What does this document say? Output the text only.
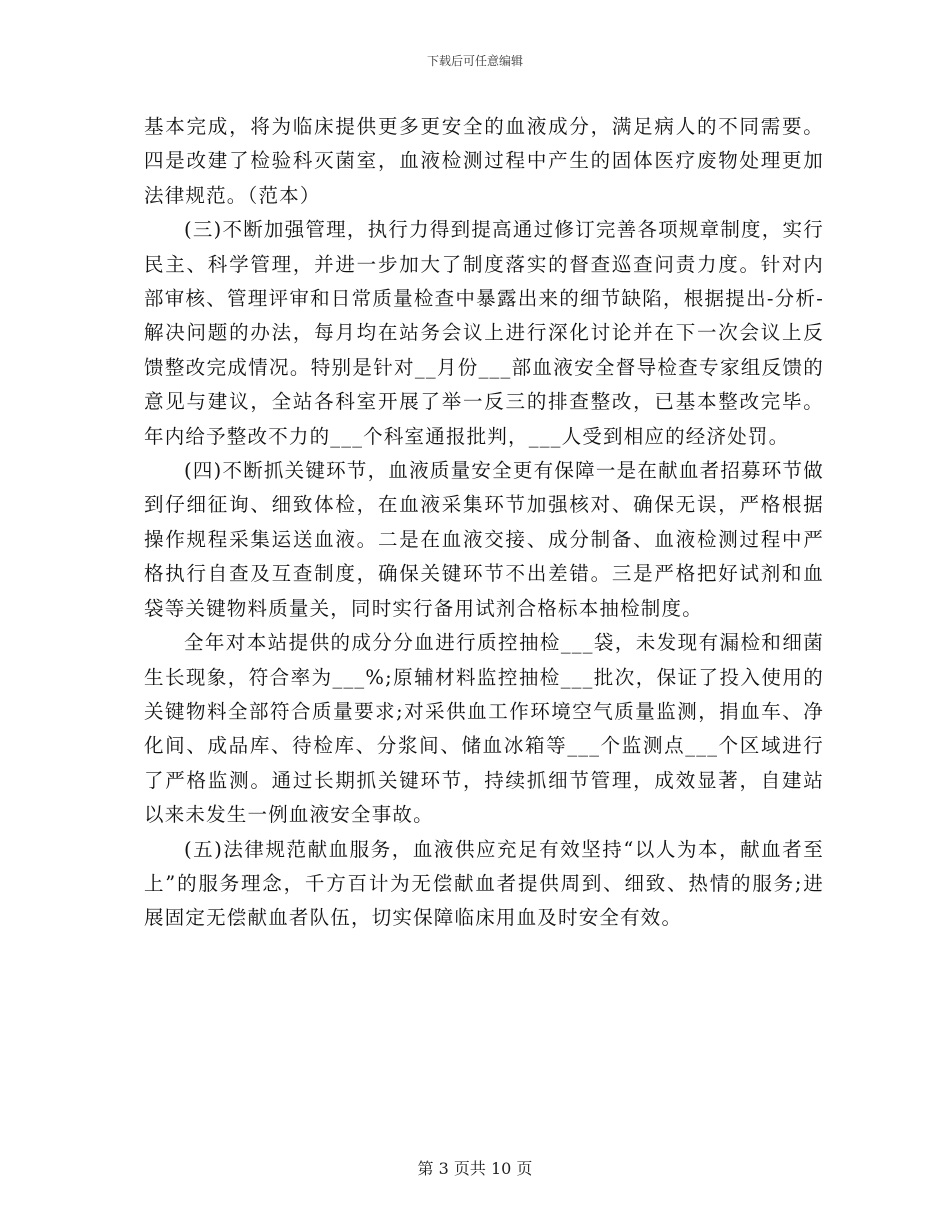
下载后可任意编辑

基本完成，将为临床提供更多更安全的血液成分，满足病人的不同需要。四是改建了检验科灭菌室，血液检测过程中产生的固体医疗废物处理更加法律规范。（范本）

(三)不断加强管理，执行力得到提高通过修订完善各项规章制度，实行民主、科学管理，并进一步加大了制度落实的督查巡查问责力度。针对内部审核、管理评审和日常质量检查中暴露出来的细节缺陷，根据提出-分析-解决问题的办法，每月均在站务会议上进行深化讨论并在下一次会议上反馈整改完成情况。特别是针对__月份___部血液安全督导检查专家组反馈的意见与建议，全站各科室开展了举一反三的排查整改，已基本整改完毕。年内给予整改不力的___个科室通报批判，___人受到相应的经济处罚。

(四)不断抓关键环节，血液质量安全更有保障一是在献血者招募环节做到仔细征询、细致体检，在血液采集环节加强核对、确保无误，严格根据操作规程采集运送血液。二是在血液交接、成分制备、血液检测过程中严格执行自查及互查制度，确保关键环节不出差错。三是严格把好试剂和血袋等关键物料质量关，同时实行备用试剂合格标本抽检制度。

全年对本站提供的成分分血进行质控抽检___袋，未发现有漏检和细菌生长现象，符合率为___%;原辅材料监控抽检___批次，保证了投入使用的关键物料全部符合质量要求;对采供血工作环境空气质量监测，捐血车、净化间、成品库、待检库、分浆间、储血冰箱等___个监测点___个区域进行了严格监测。通过长期抓关键环节，持续抓细节管理，成效显著，自建站以来未发生一例血液安全事故。

(五)法律规范献血服务，血液供应充足有效坚持“以人为本，献血者至上”的服务理念，千方百计为无偿献血者提供周到、细致、热情的服务;进展固定无偿献血者队伍，切实保障临床用血及时安全有效。

第 3 页共 10 页
